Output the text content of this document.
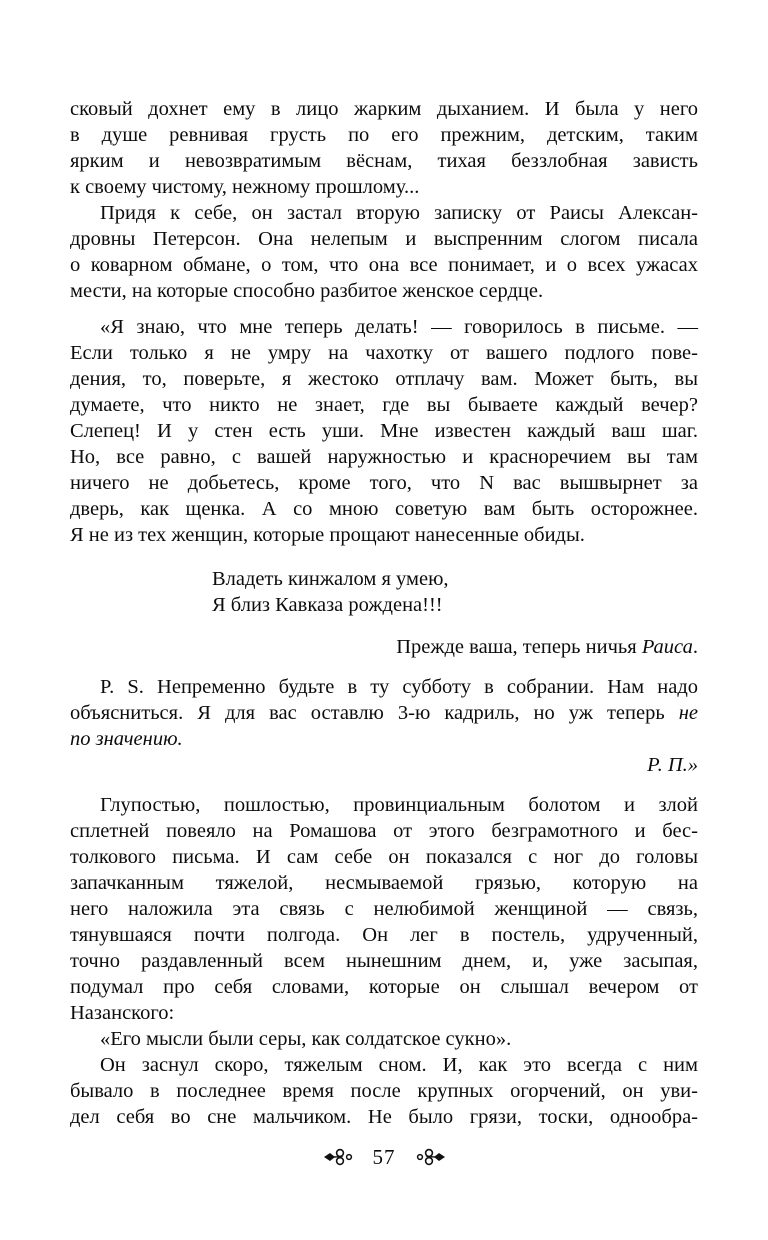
сковый дохнет ему в лицо жарким дыханием. И была у него
в душе ревнивая грусть по его прежним, детским, таким
ярким и невозвратимым вёснам, тихая беззлобная зависть
к своему чистому, нежному прошлому...
Придя к себе, он застал вторую записку от Раисы Алексан-
дровны Петерсон. Она нелепым и выспренним слогом писала
о коварном обмане, о том, что она все понимает, и о всех ужасах
мести, на которые способно разбитое женское сердце.
«Я знаю, что мне теперь делать! — говорилось в письме. —
Если только я не умру на чахотку от вашего подлого пове-
дения, то, поверьте, я жестоко отплачу вам. Может быть, вы
думаете, что никто не знает, где вы бываете каждый вечер?
Слепец! И у стен есть уши. Мне известен каждый ваш шаг.
Но, все равно, с вашей наружностью и красноречием вы там
ничего не добьетесь, кроме того, что N вас вышвырнет за
дверь, как щенка. А со мною советую вам быть осторожнее.
Я не из тех женщин, которые прощают нанесенные обиды.
Владеть кинжалом я умею,
Я близ Кавказа рождена!!!
Прежде ваша, теперь ничья Раиса.
P. S. Непременно будьте в ту субботу в собрании. Нам надо
объясниться. Я для вас оставлю 3-ю кадриль, но уж теперь не
по значению.
Р. П.»
Глупостью, пошлостью, провинциальным болотом и злой
сплетней повеяло на Ромашова от этого безграмотного и бес-
толкового письма. И сам себе он показался с ног до головы
запачканным тяжелой, несмываемой грязью, которую на
него наложила эта связь с нелюбимой женщиной — связь,
тянувшаяся почти полгода. Он лег в постель, удрученный,
точно раздавленный всем нынешним днем, и, уже засыпая,
подумал про себя словами, которые он слышал вечером от
Назанского:
«Его мысли были серы, как солдатское сукно».
Он заснул скоро, тяжелым сном. И, как это всегда с ним
бывало в последнее время после крупных огорчений, он уви-
дел себя во сне мальчиком. Не было грязи, тоски, однообра-
57
